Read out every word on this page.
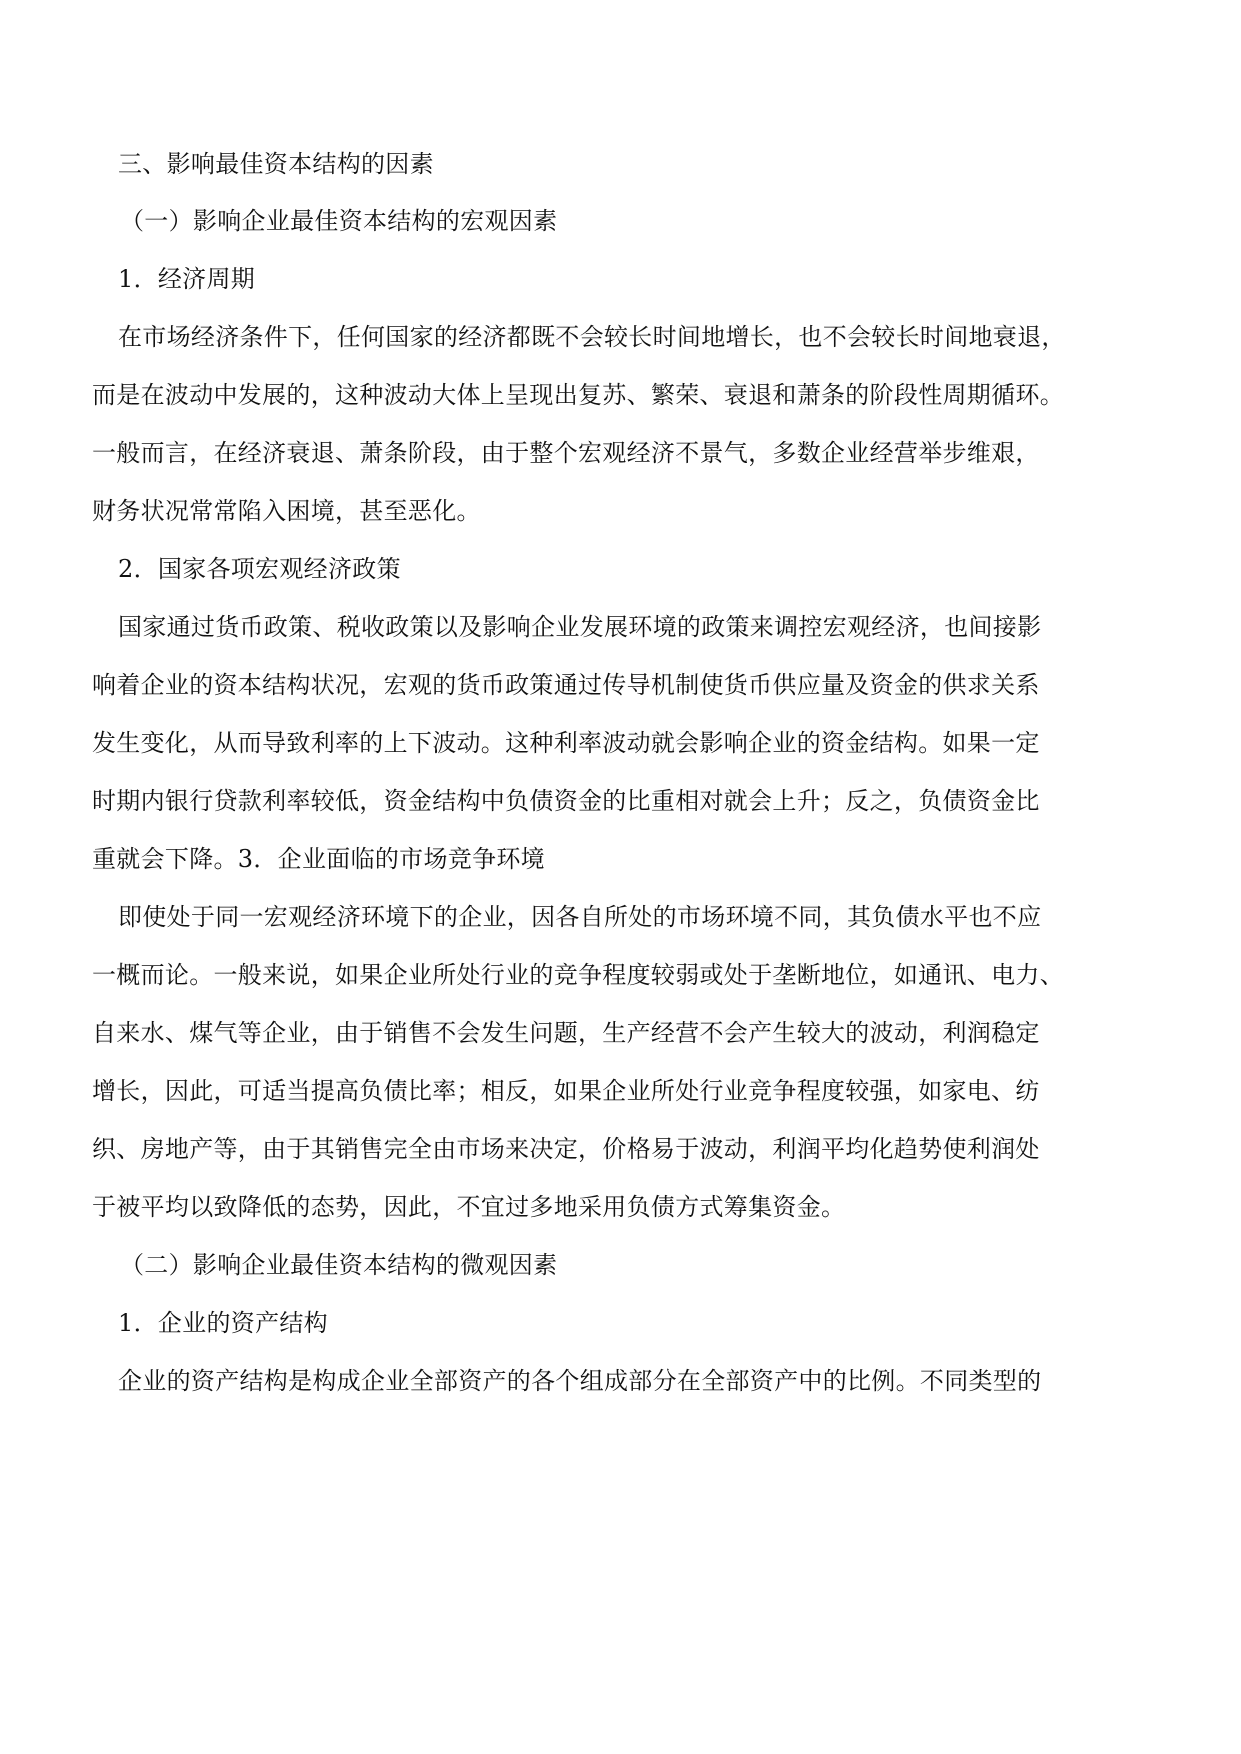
三、影响最佳资本结构的因素
（一）影响企业最佳资本结构的宏观因素
1．经济周期
在市场经济条件下，任何国家的经济都既不会较长时间地增长，也不会较长时间地衰退，
而是在波动中发展的，这种波动大体上呈现出复苏、繁荣、衰退和萧条的阶段性周期循环。
一般而言，在经济衰退、萧条阶段，由于整个宏观经济不景气，多数企业经营举步维艰，
财务状况常常陷入困境，甚至恶化。
2．国家各项宏观经济政策
国家通过货币政策、税收政策以及影响企业发展环境的政策来调控宏观经济，也间接影
响着企业的资本结构状况，宏观的货币政策通过传导机制使货币供应量及资金的供求关系
发生变化，从而导致利率的上下波动。这种利率波动就会影响企业的资金结构。如果一定
时期内银行贷款利率较低，资金结构中负债资金的比重相对就会上升；反之，负债资金比
重就会下降。3．企业面临的市场竞争环境
即使处于同一宏观经济环境下的企业，因各自所处的市场环境不同，其负债水平也不应
一概而论。一般来说，如果企业所处行业的竞争程度较弱或处于垄断地位，如通讯、电力、
自来水、煤气等企业，由于销售不会发生问题，生产经营不会产生较大的波动，利润稳定
增长，因此，可适当提高负债比率；相反，如果企业所处行业竞争程度较强，如家电、纺
织、房地产等，由于其销售完全由市场来决定，价格易于波动，利润平均化趋势使利润处
于被平均以致降低的态势，因此，不宜过多地采用负债方式筹集资金。
（二）影响企业最佳资本结构的微观因素
1．企业的资产结构
企业的资产结构是构成企业全部资产的各个组成部分在全部资产中的比例。不同类型的
